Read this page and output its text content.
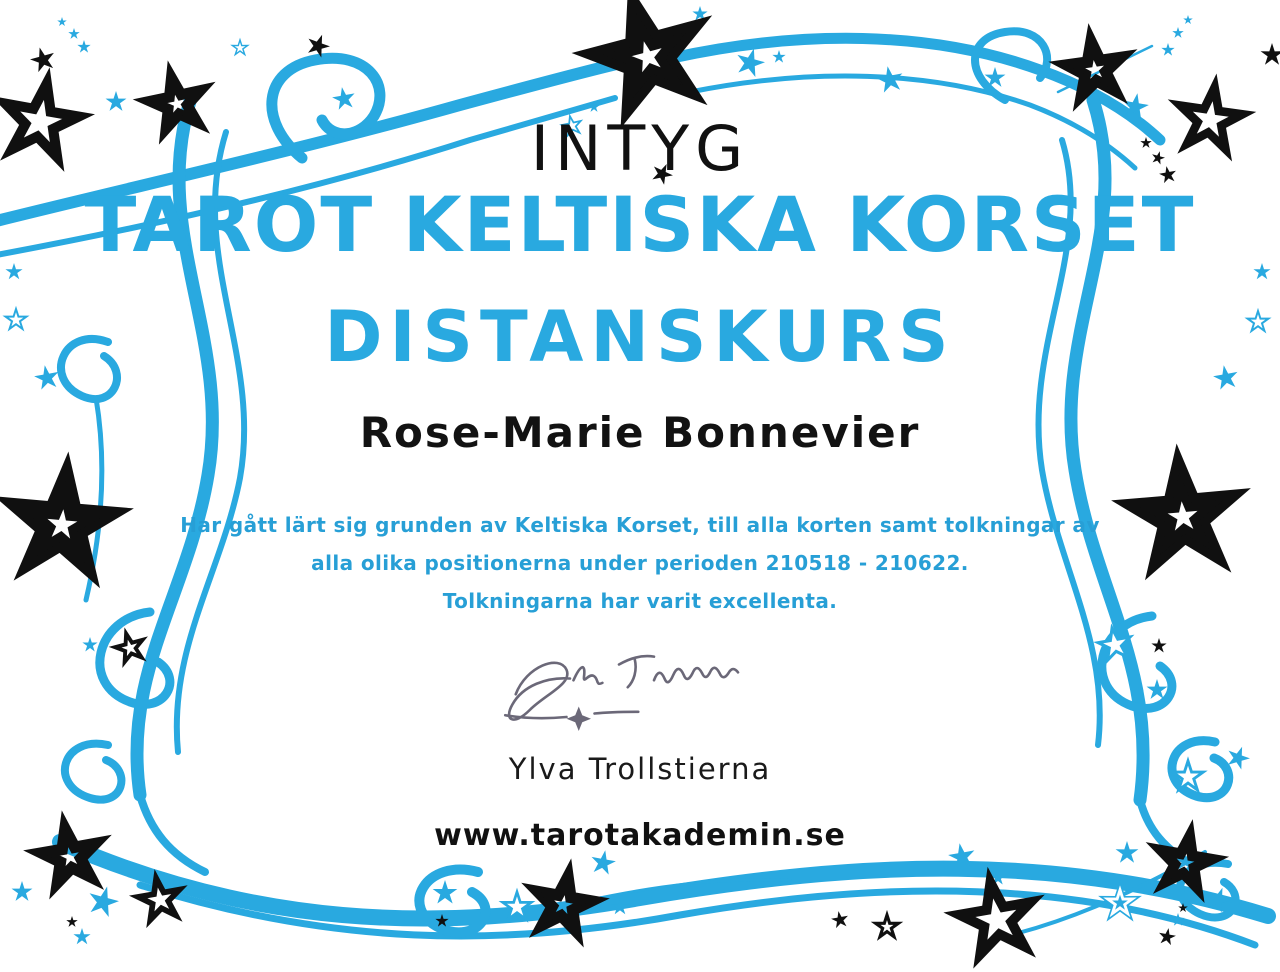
INTYG
TAROT KELTISKA KORSET
DISTANSKURS
Rose-Marie Bonnevier
Har gått lärt sig grunden av Keltiska Korset, till alla korten samt tolkningar av
alla olika positionerna under perioden 210518 - 210622.
Tolkningarna har varit excellenta.
Ylva Trollstierna
www.tarotakademin.se
